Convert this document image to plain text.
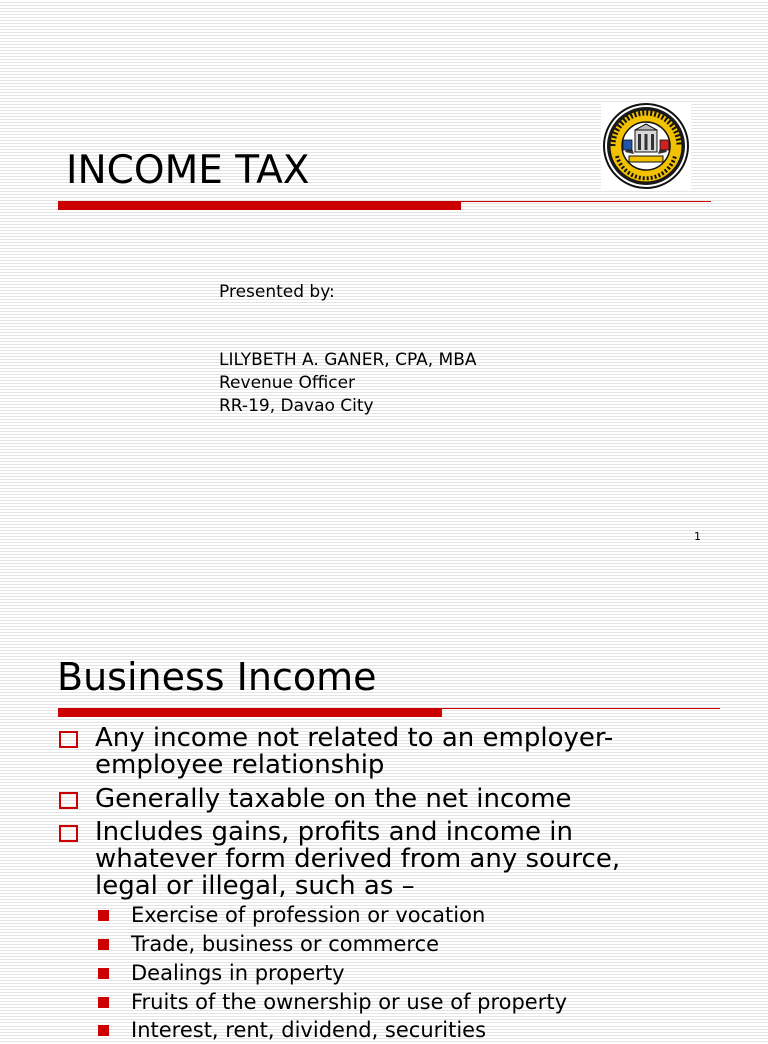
INCOME TAX
Presented by:
LILYBETH A. GANER, CPA, MBA
Revenue Officer
RR-19, Davao City
1
Business Income
Any income not related to an employer-employee relationship
Generally taxable on the net income
Includes gains, profits and income in whatever form derived from any source, legal or illegal, such as –
Exercise of profession or vocation
Trade, business or commerce
Dealings in property
Fruits of the ownership or use of property
Interest, rent, dividend, securities
